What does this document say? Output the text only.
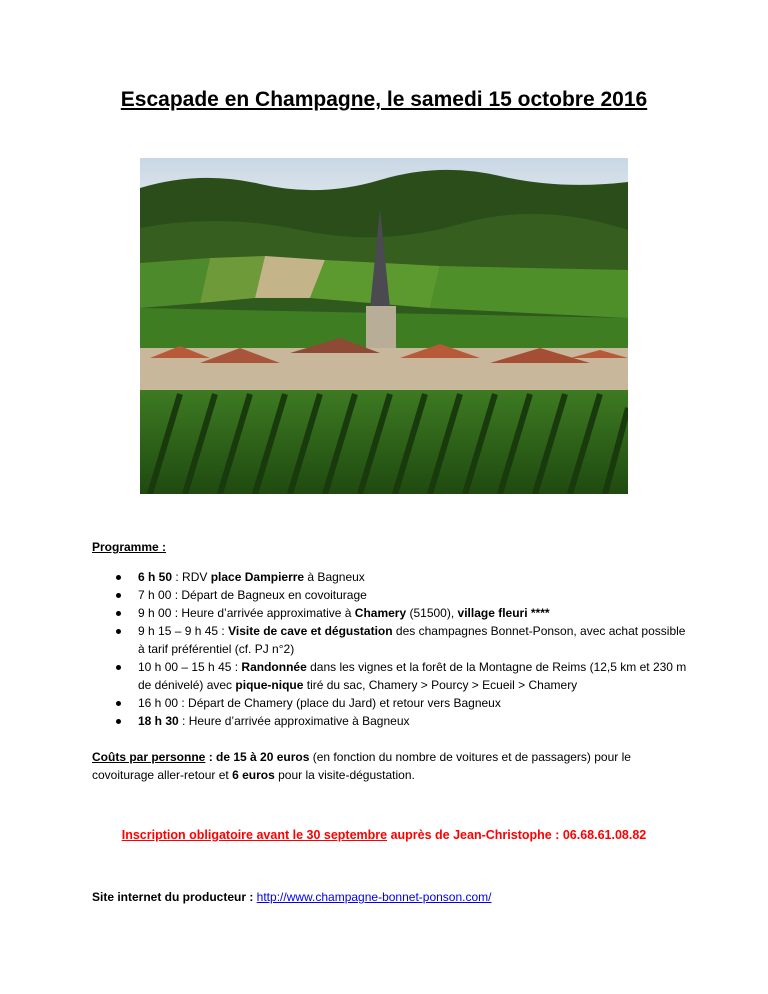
Escapade en Champagne, le samedi 15 octobre 2016
Programme :
6 h 50 : RDV place Dampierre à Bagneux
7 h 00 : Départ de Bagneux en covoiturage
9 h 00 : Heure d’arrivée approximative à Chamery (51500), village fleuri ****
9 h 15 – 9 h 45 : Visite de cave et dégustation des champagnes Bonnet-Ponson, avec achat possible à tarif préférentiel (cf. PJ n°2)
10 h 00 – 15 h 45 : Randonnée dans les vignes et la forêt de la Montagne de Reims (12,5 km et 230 m de dénivelé) avec pique-nique tiré du sac, Chamery > Pourcy > Ecueil > Chamery
16 h 00 : Départ de Chamery (place du Jard) et retour vers Bagneux
18 h 30 : Heure d’arrivée approximative à Bagneux
Coûts par personne : de 15 à 20 euros (en fonction du nombre de voitures et de passagers) pour le covoiturage aller-retour et 6 euros pour la visite-dégustation.
Inscription obligatoire avant le 30 septembre auprès de Jean-Christophe : 06.68.61.08.82
Site internet du producteur : http://www.champagne-bonnet-ponson.com/
